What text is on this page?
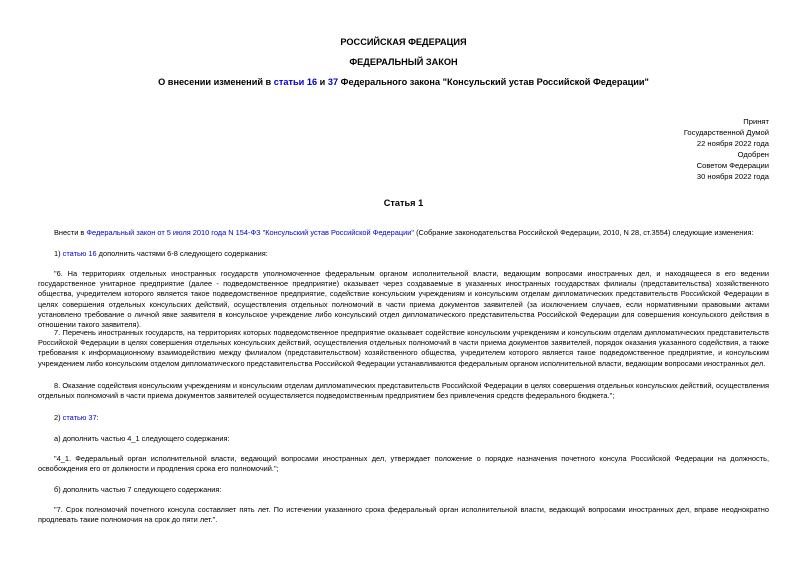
РОССИЙСКАЯ ФЕДЕРАЦИЯ
ФЕДЕРАЛЬНЫЙ ЗАКОН
О внесении изменений в статьи 16 и 37 Федерального закона "Консульский устав Российской Федерации"
Принят
Государственной Думой
22 ноября 2022 года
Одобрен
Советом Федерации
30 ноября 2022 года
Статья 1
Внести в Федеральный закон от 5 июля 2010 года N 154-ФЗ "Консульский устав Российской Федерации" (Собрание законодательства Российской Федерации, 2010, N 28, ст.3554) следующие изменения:
1) статью 16 дополнить частями 6-8 следующего содержания:
"6. На территориях отдельных иностранных государств уполномоченное федеральным органом исполнительной власти, ведающим вопросами иностранных дел, и находящееся в его ведении государственное унитарное предприятие (далее - подведомственное предприятие) оказывает через создаваемые в указанных иностранных государствах филиалы (представительства) хозяйственного общества, учредителем которого является такое подведомственное предприятие, содействие консульским учреждениям и консульским отделам дипломатических представительств Российской Федерации в целях совершения отдельных консульских действий, осуществления отдельных полномочий в части приема документов заявителей (за исключением случаев, если нормативными правовыми актами установлено требование о личной явке заявителя в консульское учреждение либо консульский отдел дипломатического представительства Российской Федерации для совершения консульского действия в отношении такого заявителя).
7. Перечень иностранных государств, на территориях которых подведомственное предприятие оказывает содействие консульским учреждениям и консульским отделам дипломатических представительств Российской Федерации в целях совершения отдельных консульских действий, осуществления отдельных полномочий в части приема документов заявителей, порядок оказания указанного содействия, а также требования к информационному взаимодействию между филиалом (представительством) хозяйственного общества, учредителем которого является такое подведомственное предприятие, и консульским учреждением либо консульским отделом дипломатического представительства Российской Федерации устанавливаются федеральным органом исполнительной власти, ведающим вопросами иностранных дел.
8. Оказание содействия консульским учреждениям и консульским отделам дипломатических представительств Российской Федерации в целях совершения отдельных консульских действий, осуществления отдельных полномочий в части приема документов заявителей осуществляется подведомственным предприятием без привлечения средств федерального бюджета.";
2) статью 37:
а) дополнить частью 4_1 следующего содержания:
"4_1. Федеральный орган исполнительной власти, ведающий вопросами иностранных дел, утверждает положение о порядке назначения почетного консула Российской Федерации на должность, освобождения его от должности и продления срока его полномочий.";
б) дополнить частью 7 следующего содержания:
"7. Срок полномочий почетного консула составляет пять лет. По истечении указанного срока федеральный орган исполнительной власти, ведающий вопросами иностранных дел, вправе неоднократно продлевать такие полномочия на срок до пяти лет.".
